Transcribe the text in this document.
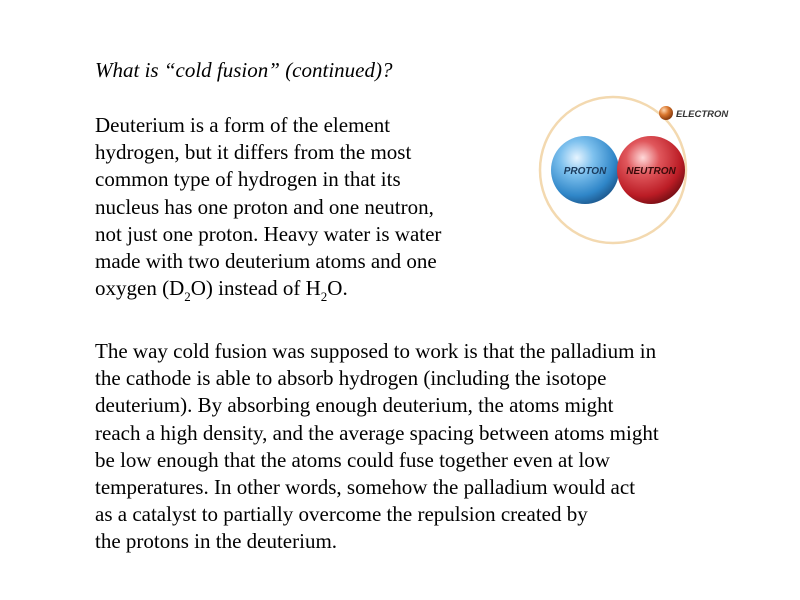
What is “cold fusion” (continued)?
Deuterium is a form of the element
hydrogen, but it differs from the most
common type of hydrogen in that its
nucleus has one proton and one neutron,
not just one proton. Heavy water is water
made with two deuterium atoms and one
oxygen $(D_2O)$ instead of $H_2O$.
PROTON NEUTRON
ELECTRON
The way cold fusion was supposed to work is that the palladium in
the cathode is able to absorb hydrogen (including the isotope
deuterium). By absorbing enough deuterium, the atoms might
reach a high density, and the average spacing between atoms might
be low enough that the atoms could fuse together even at low
temperatures. In other words, somehow the palladium would act
as a catalyst to partially overcome the repulsion created by
the protons in the deuterium.
